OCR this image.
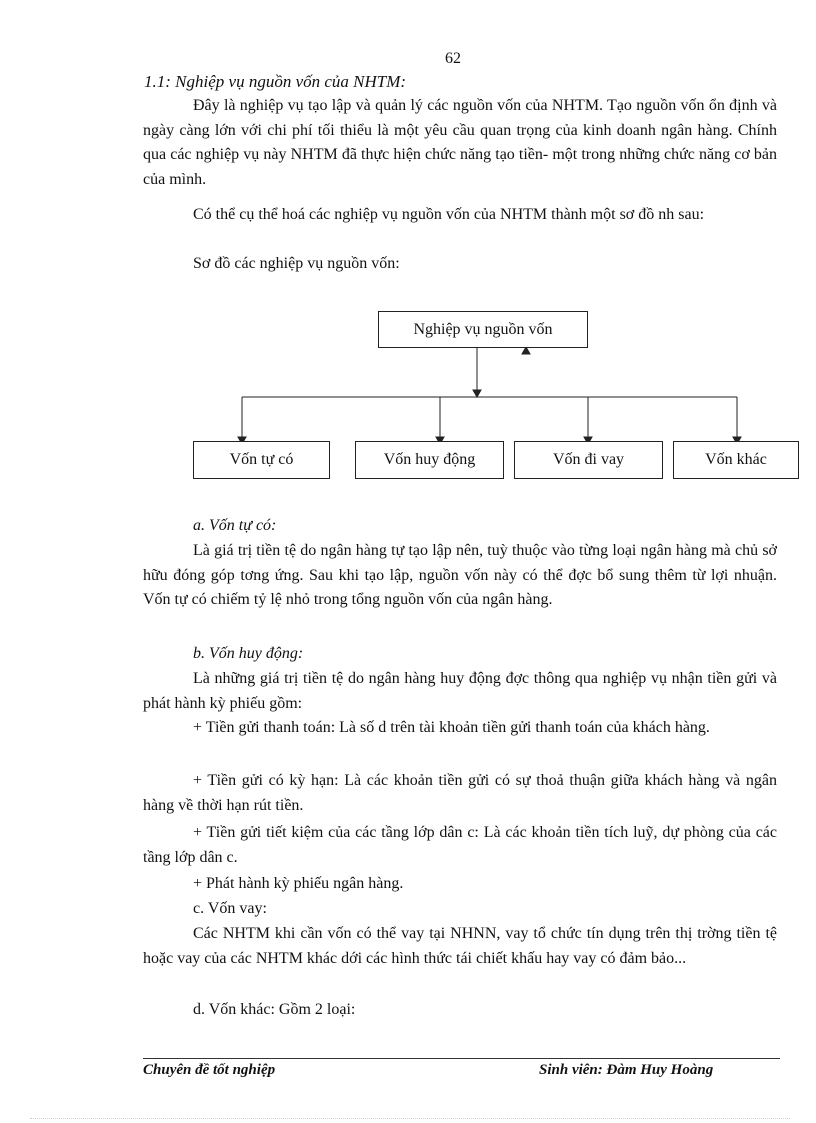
62
1.1: Nghiệp vụ nguồn vốn của NHTM:
Đây là nghiệp vụ tạo lập và quản lý các nguồn vốn của NHTM. Tạo nguồn vốn ổn định và ngày càng lớn với chi phí tối thiểu là một yêu cầu quan trọng của kinh doanh ngân hàng. Chính qua các nghiệp vụ này NHTM đã thực hiện chức năng tạo tiền- một trong những chức năng cơ bản của mình.
Có thể cụ thể hoá các nghiệp vụ nguồn vốn của NHTM thành một sơ đồ nh sau:
Sơ đồ các nghiệp vụ nguồn vốn:
Nghiệp vụ nguồn vốn
Vốn tự có	Vốn huy động	Vốn đi vay	Vốn khác
a. Vốn tự có:
Là giá trị tiền tệ do ngân hàng tự tạo lập nên, tuỳ thuộc vào từng loại ngân hàng mà chủ sở hữu đóng góp tơng ứng. Sau khi tạo lập, nguồn vốn này có thể đợc bổ sung thêm từ lợi nhuận. Vốn tự có chiếm tỷ lệ nhỏ trong tổng nguồn vốn của ngân hàng.
b. Vốn huy động:
Là những giá trị tiền tệ do ngân hàng huy động đợc thông qua nghiệp vụ nhận tiền gửi và phát hành kỳ phiếu gồm:
+ Tiền gửi thanh toán: Là số d trên tài khoản tiền gửi thanh toán của khách hàng.
+ Tiền gửi có kỳ hạn: Là các khoản tiền gửi có sự thoả thuận giữa khách hàng và ngân hàng về thời hạn rút tiền.
+ Tiền gửi tiết kiệm của các tầng lớp dân c: Là các khoản tiền tích luỹ, dự phòng của các tầng lớp dân c.
+ Phát hành kỳ phiếu ngân hàng.
c. Vốn vay:
Các NHTM khi cần vốn có thể vay tại NHNN, vay tổ chức tín dụng trên thị trờng tiền tệ hoặc vay của các NHTM khác dới các hình thức tái chiết khấu hay vay có đảm bảo...
d. Vốn khác: Gồm 2 loại:
Chuyên đề tốt nghiệp	Sinh viên: Đàm Huy Hoàng
